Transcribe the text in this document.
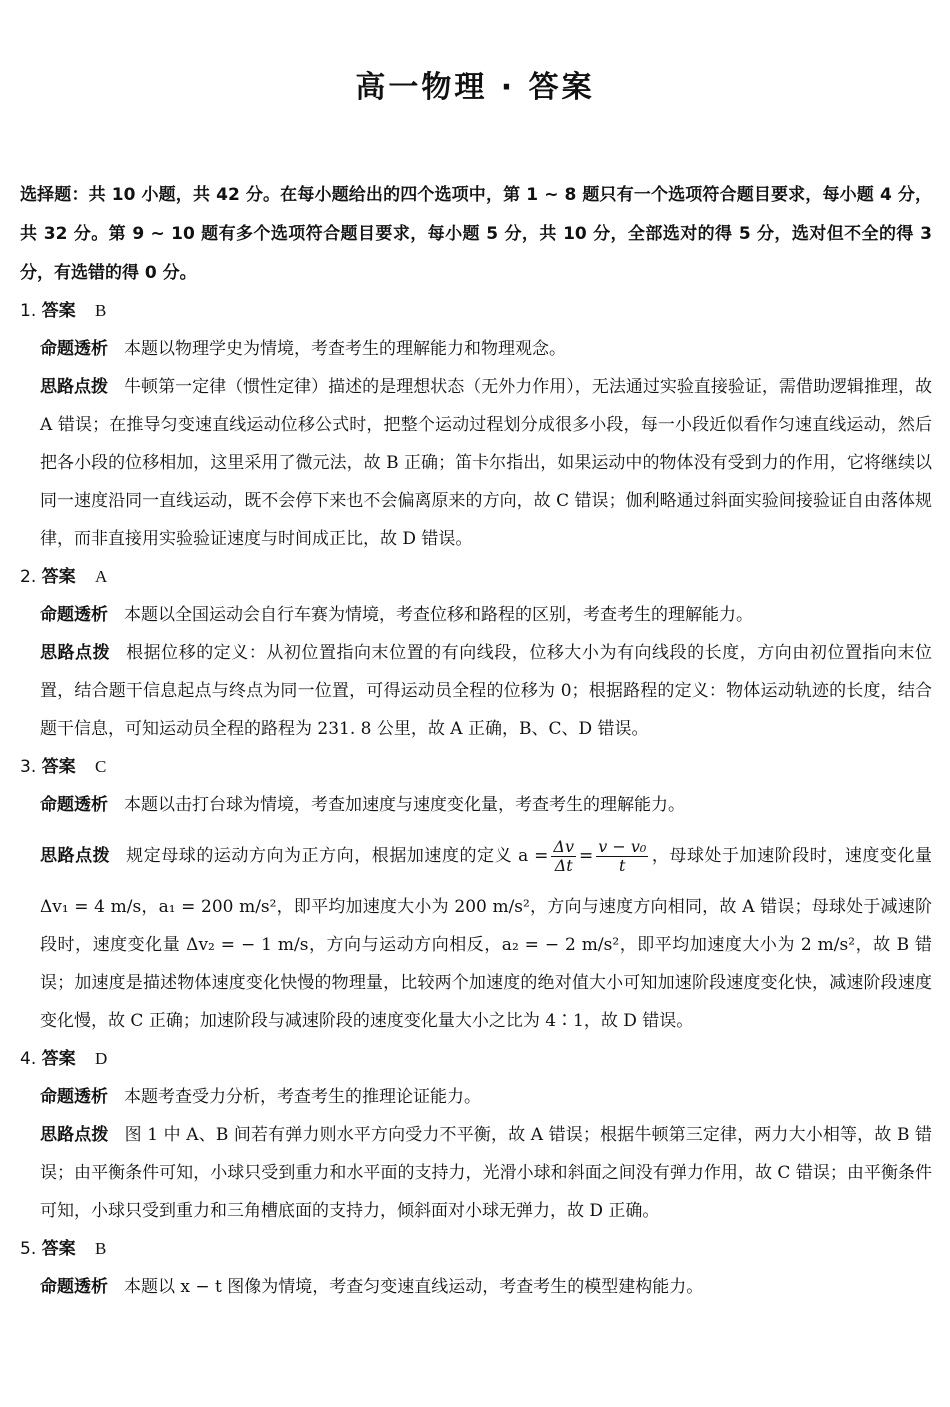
高一物理 · 答案
选择题：共 10 小题，共 42 分。在每小题给出的四个选项中，第 1 ~ 8 题只有一个选项符合题目要求，每小题 4 分，共 32 分。第 9 ~ 10 题有多个选项符合题目要求，每小题 5 分，共 10 分，全部选对的得 5 分，选对但不全的得 3 分，有选错的得 0 分。
1. 答案 B
命题透析 本题以物理学史为情境，考查考生的理解能力和物理观念。
思路点拨 牛顿第一定律（惯性定律）描述的是理想状态（无外力作用），无法通过实验直接验证，需借助逻辑推理，故 A 错误；在推导匀变速直线运动位移公式时，把整个运动过程划分成很多小段，每一小段近似看作匀速直线运动，然后把各小段的位移相加，这里采用了微元法，故 B 正确；笛卡尔指出，如果运动中的物体没有受到力的作用，它将继续以同一速度沿同一直线运动，既不会停下来也不会偏离原来的方向，故 C 错误；伽利略通过斜面实验间接验证自由落体规律，而非直接用实验验证速度与时间成正比，故 D 错误。
2. 答案 A
命题透析 本题以全国运动会自行车赛为情境，考查位移和路程的区别，考查考生的理解能力。
思路点拨 根据位移的定义：从初位置指向末位置的有向线段，位移大小为有向线段的长度，方向由初位置指向末位置，结合题干信息起点与终点为同一位置，可得运动员全程的位移为 0；根据路程的定义：物体运动轨迹的长度，结合题干信息，可知运动员全程的路程为 231. 8 公里，故 A 正确，B、C、D 错误。
3. 答案 C
命题透析 本题以击打台球为情境，考查加速度与速度变化量，考查考生的理解能力。
思路点拨 规定母球的运动方向为正方向，根据加速度的定义 $a = \frac{\Delta v}{\Delta t} = \frac{\text{v − v₀}}{t}$ ，母球处于加速阶段时，速度变化量 Δv₁ = 4 m/s，a₁ = 200 m/s²，即平均加速度大小为 200 m/s²，方向与速度方向相同，故 A 错误；母球处于减速阶段时，速度变化量 Δv₂ = − 1 m/s，方向与运动方向相反，a₂ = − 2 m/s²，即平均加速度大小为 2 m/s²，故 B 错误；加速度是描述物体速度变化快慢的物理量，比较两个加速度的绝对值大小可知加速阶段速度变化快，减速阶段速度变化慢，故 C 正确；加速阶段与减速阶段的速度变化量大小之比为 4∶1，故 D 错误。
4. 答案 D
命题透析 本题考查受力分析，考查考生的推理论证能力。
思路点拨 图 1 中 A、B 间若有弹力则水平方向受力不平衡，故 A 错误；根据牛顿第三定律，两力大小相等，故 B 错误；由平衡条件可知，小球只受到重力和水平面的支持力，光滑小球和斜面之间没有弹力作用，故 C 错误；由平衡条件可知，小球只受到重力和三角槽底面的支持力，倾斜面对小球无弹力，故 D 正确。
5. 答案 B
命题透析 本题以 x − t 图像为情境，考查匀变速直线运动，考查考生的模型建构能力。
